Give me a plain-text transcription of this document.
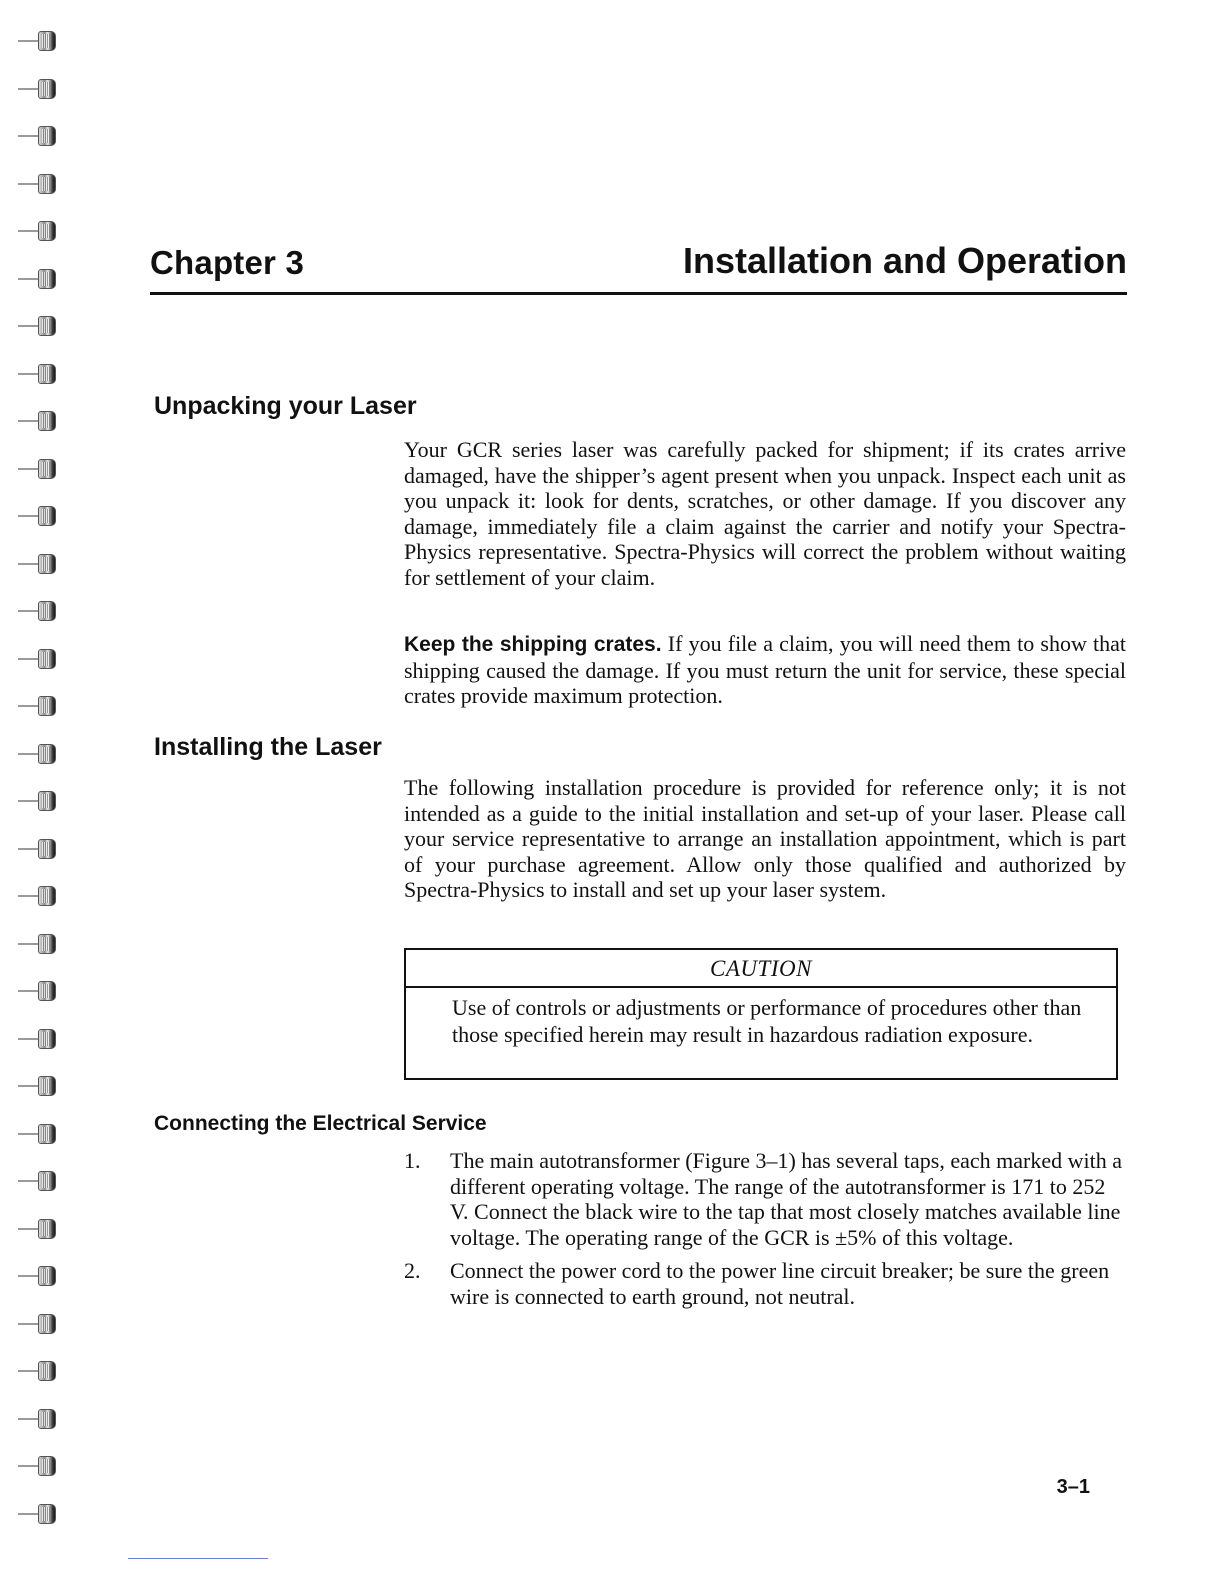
Chapter 3	Installation and Operation
Unpacking your Laser

Your GCR series laser was carefully packed for shipment; if its crates arrive damaged, have the shipper’s agent present when you unpack. Inspect each unit as you unpack it: look for dents, scratches, or other damage. If you discover any damage, immediately file a claim against the carrier and notify your Spectra-Physics representative. Spectra-Physics will correct the problem without waiting for settlement of your claim.

Keep the shipping crates. If you file a claim, you will need them to show that shipping caused the damage. If you must return the unit for service, these special crates provide maximum protection.

Installing the Laser

The following installation procedure is provided for reference only; it is not intended as a guide to the initial installation and set-up of your laser. Please call your service representative to arrange an installation appointment, which is part of your purchase agreement. Allow only those qualified and authorized by Spectra-Physics to install and set up your laser system.

CAUTION

Use of controls or adjustments or performance of procedures other than those specified herein may result in hazardous radiation exposure.

Connecting the Electrical Service
1. The main autotransformer (Figure 3–1) has several taps, each marked with a different operating voltage. The range of the autotransformer is 171 to 252 V. Connect the black wire to the tap that most closely matches available line voltage. The operating range of the GCR is ±5% of this voltage.
2. Connect the power cord to the power line circuit breaker; be sure the green wire is connected to earth ground, not neutral.
3–1
